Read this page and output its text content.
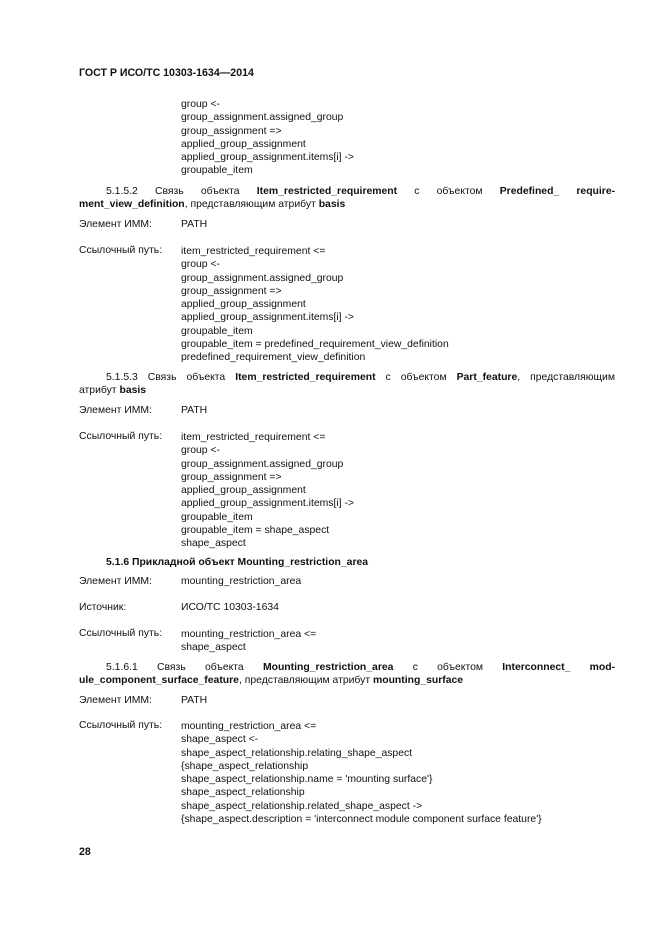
ГОСТ Р ИСО/ТС 10303-1634—2014
group <-
group_assignment.assigned_group
group_assignment =>
applied_group_assignment
applied_group_assignment.items[i] ->
groupable_item
5.1.5.2 Связь объекта Item_restricted_requirement с объектом Predefined_ require-
ment_view_definition, представляющим атрибут basis
Элемент ИММ:	PATH
Ссылочный путь: item_restricted_requirement <=
group <-
group_assignment.assigned_group
group_assignment =>
applied_group_assignment
applied_group_assignment.items[i] ->
groupable_item
groupable_item = predefined_requirement_view_definition
predefined_requirement_view_definition
5.1.5.3 Связь объекта Item_restricted_requirement с объектом Part_feature, представляющим
атрибут basis
Элемент ИММ:	PATH
Ссылочный путь: item_restricted_requirement <=
group <-
group_assignment.assigned_group
group_assignment =>
applied_group_assignment
applied_group_assignment.items[i] ->
groupable_item
groupable_item = shape_aspect
shape_aspect
5.1.6 Прикладной объект Mounting_restriction_area
Элемент ИММ:	mounting_restriction_area
Источник:	ИСО/ТС 10303-1634
Ссылочный путь: mounting_restriction_area <=
shape_aspect
5.1.6.1 Связь объекта Mounting_restriction_area с объектом Interconnect_ mod-
ule_component_surface_feature, представляющим атрибут mounting_surface
Элемент ИММ:	PATH
Ссылочный путь: mounting_restriction_area <=
shape_aspect <-
shape_aspect_relationship.relating_shape_aspect
{shape_aspect_relationship
shape_aspect_relationship.name = 'mounting surface'}
shape_aspect_relationship
shape_aspect_relationship.related_shape_aspect ->
{shape_aspect.description = 'interconnect module component surface feature'}
28
